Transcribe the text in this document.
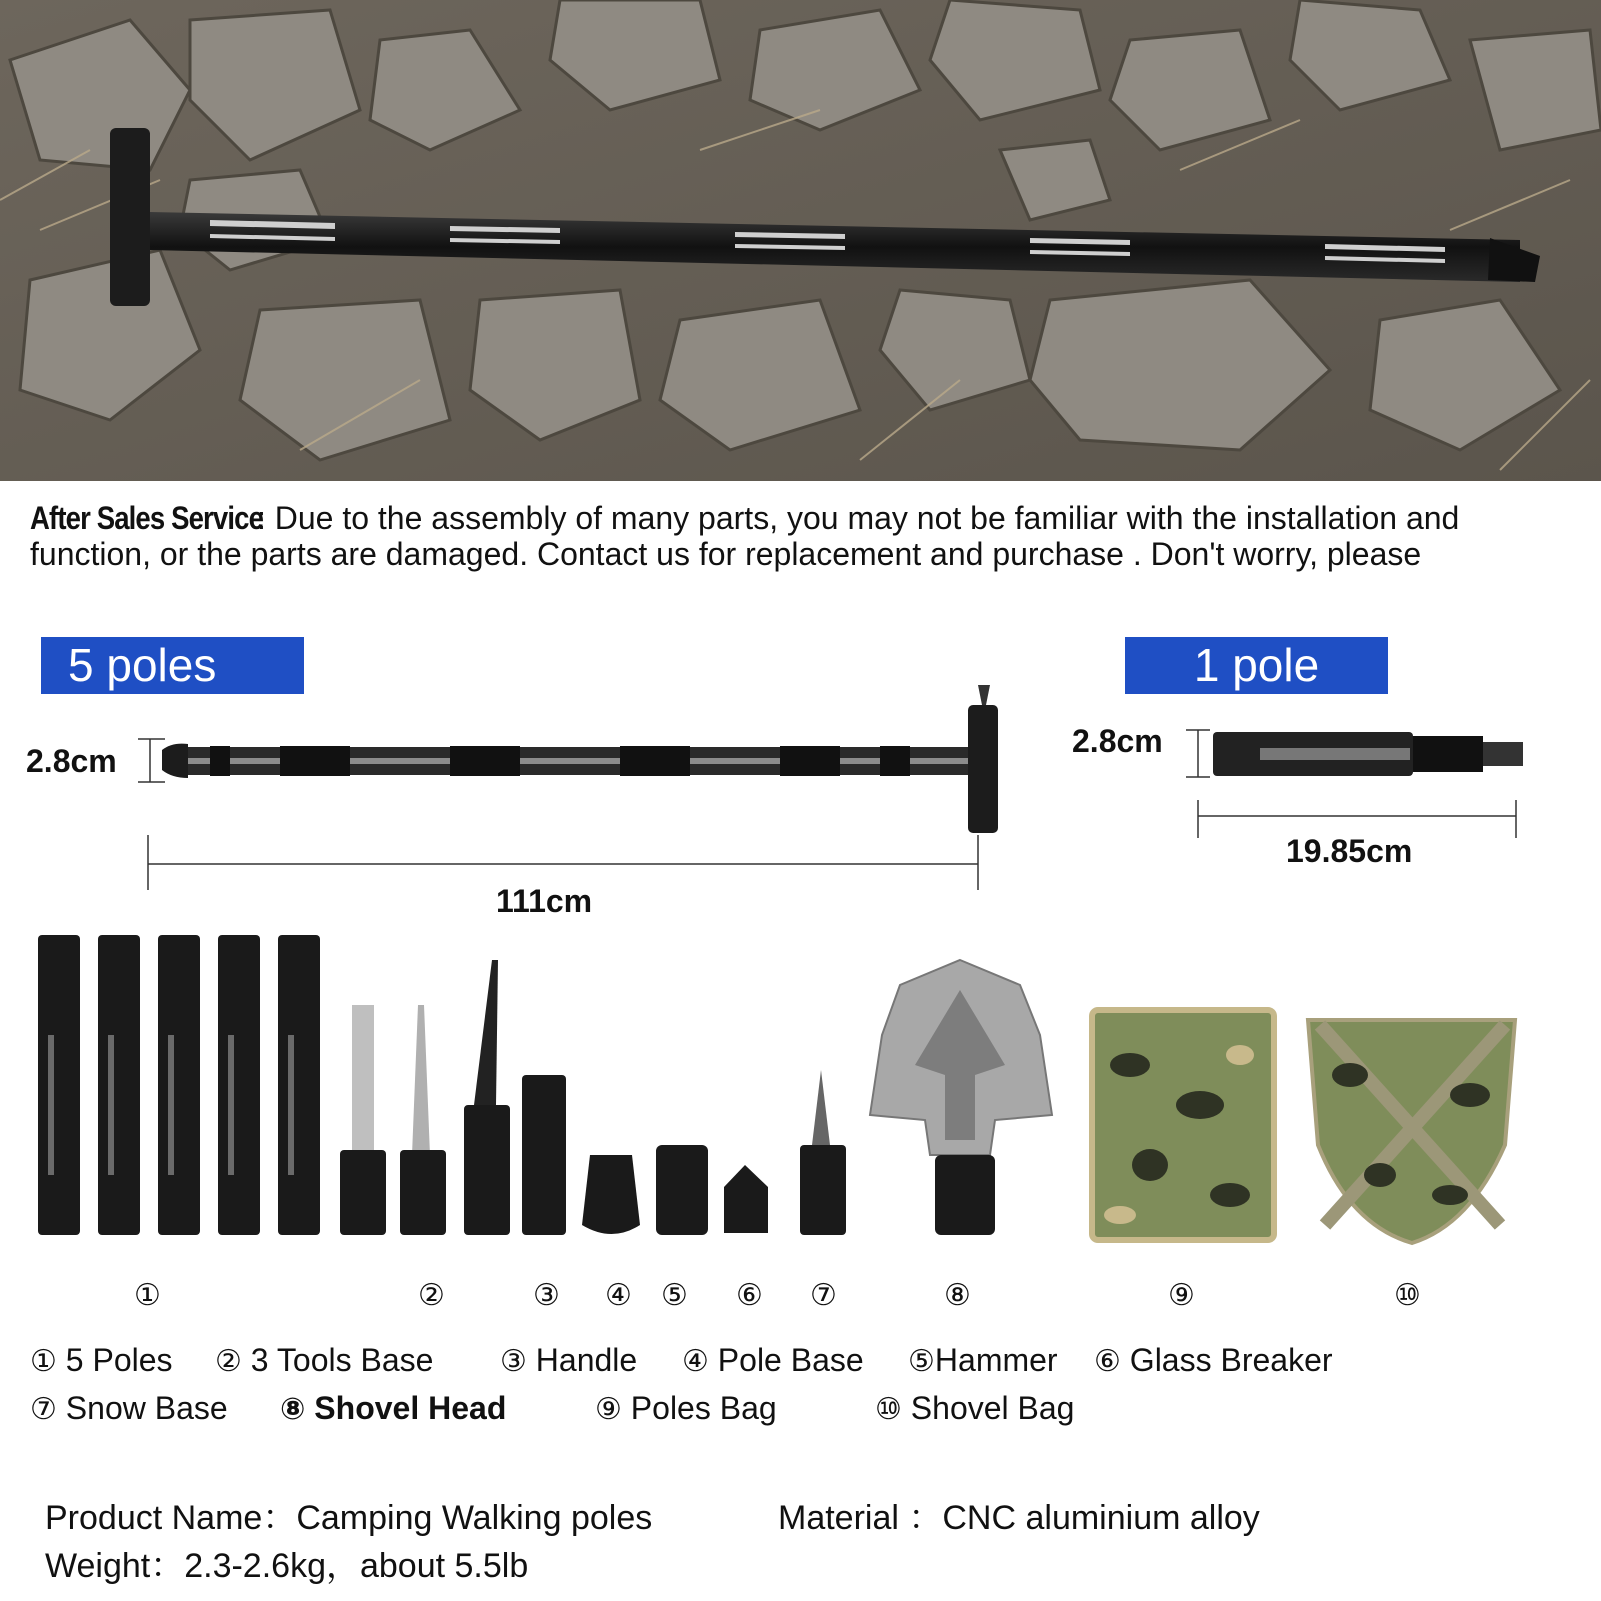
After Sales Service: Due to the assembly of many parts, you may not be familiar with the installation and function, or the parts are damaged. Contact us for replacement and purchase . Don't worry, please
5 poles	1 pole
2.8cm
111cm
2.8cm
19.85cm
①	②	③ ④ ⑤ ⑥ ⑦	⑧	⑨	⑩
① 5 Poles ② 3 Tools Base ③ Handle ④ Pole Base ⑤Hammer ⑥ Glass Breaker
⑦ Snow Base ⑧ Shovel Head	⑨ Poles Bag	⑩ Shovel Bag
Product Name：Camping Walking poles	Material ：CNC aluminium alloy
Weight：2.3-2.6kg，about 5.5lb
